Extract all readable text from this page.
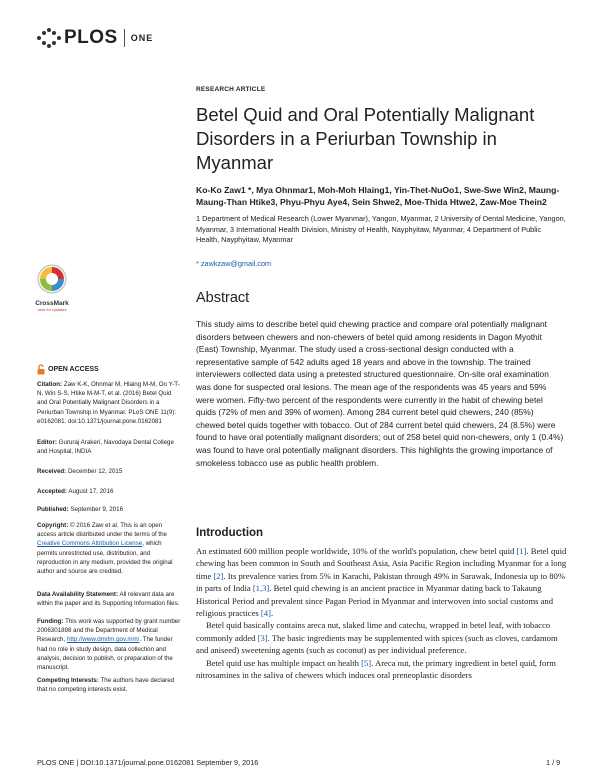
PLOS ONE
RESEARCH ARTICLE
Betel Quid and Oral Potentially Malignant Disorders in a Periurban Township in Myanmar
Ko-Ko Zaw1 *, Mya Ohnmar1, Moh-Moh Hlaing1, Yin-Thet-NuOo1, Swe-Swe Win2, Maung-Maung-Than Htike3, Phyu-Phyu Aye4, Sein Shwe2, Moe-Thida Htwe2, Zaw-Moe Thein2
1 Department of Medical Research (Lower Myanmar), Yangon, Myanmar, 2 University of Dental Medicine, Yangon, Myanmar, 3 International Health Division, Ministry of Health, Nayphyitaw, Myanmar, 4 Department of Public Health, Nayphyitaw, Myanmar
* zawkzaw@gmail.com
CrossMark
click for updates
OPEN ACCESS
Citation: Zaw K-K, Ohnmar M, Hlaing M-M, Oo Y-T-N, Win S-S, Htike M-M-T, et al. (2016) Betel Quid and Oral Potentially Malignant Disorders in a Periurban Township in Myanmar. PLoS ONE 11(9): e0162081. doi:10.1371/journal.pone.0162081
Editor: Gururaj Arakeri, Navodaya Dental College and Hospital, INDIA
Received: December 12, 2015
Accepted: August 17, 2016
Published: September 9, 2016
Copyright: © 2016 Zaw et al. This is an open access article distributed under the terms of the Creative Commons Attribution License, which permits unrestricted use, distribution, and reproduction in any medium, provided the original author and source are credited.
Data Availability Statement: All relevant data are within the paper and its Supporting Information files.
Funding: This work was supported by grant number 2006301898 and the Department of Medical Research, http://www.dmrlm.gov.mm/. The funder had no role in study design, data collection and analysis, decision to publish, or preparation of the manuscript.
Competing Interests: The authors have declared that no competing interests exist.
Abstract
This study aims to describe betel quid chewing practice and compare oral potentially malignant disorders between chewers and non-chewers of betel quid among residents in Dagon Myothit (East) Township, Myanmar. The study used a cross-sectional design conducted with a representative sample of 542 adults aged 18 years and above in the township. The trained interviewers collected data using a pretested structured questionnaire. On-site oral examination was done for suspected oral lesions. The mean age of the respondents was 45 years and 59% were women. Fifty-two percent of the respondents were currently in the habit of chewing betel quids (72% of men and 39% of women). Among 284 current betel quid chewers, 240 (85%) chewed betel quids together with tobacco. Out of 284 current betel quid chewers, 24 (8.5%) were found to have oral potentially malignant disorders; out of 258 betel quid non-chewers, only 1 (0.4%) was found to have oral potentially malignant disorders. This highlights the growing importance of smokeless tobacco use as public health problem.
Introduction

An estimated 600 million people worldwide, 10% of the world's population, chew betel quid [1]. Betel quid chewing has been common in South and Southeast Asia, Asia Pacific Region including Myanmar for a long time [2]. Its prevalence varies from 5% in Karachi, Pakistan through 49% in Sarawak, Indonesia up to 80% in parts of India [1,3]. Betel quid chewing is an ancient practice in Myanmar dating back to Takaung Historical Period and prevalent since Pagan Period in Myanmar and interwoven into social customs and religious practices [4].

Betel quid basically contains areca nut, slaked lime and catechu, wrapped in betel leaf, with tobacco commonly added [3]. The basic ingredients may be supplemented with spices (such as cloves, cardamom and aniseed) sweetening agents (such as coconut) as per individual preference.

Betel quid use has multiple impact on health [5]. Areca nut, the primary ingredient in betel quid, form nitrosamines in the saliva of chewers which induces oral preneoplastic disorders

PLOS ONE | DOI:10.1371/journal.pone.0162081 September 9, 2016	1 / 9
